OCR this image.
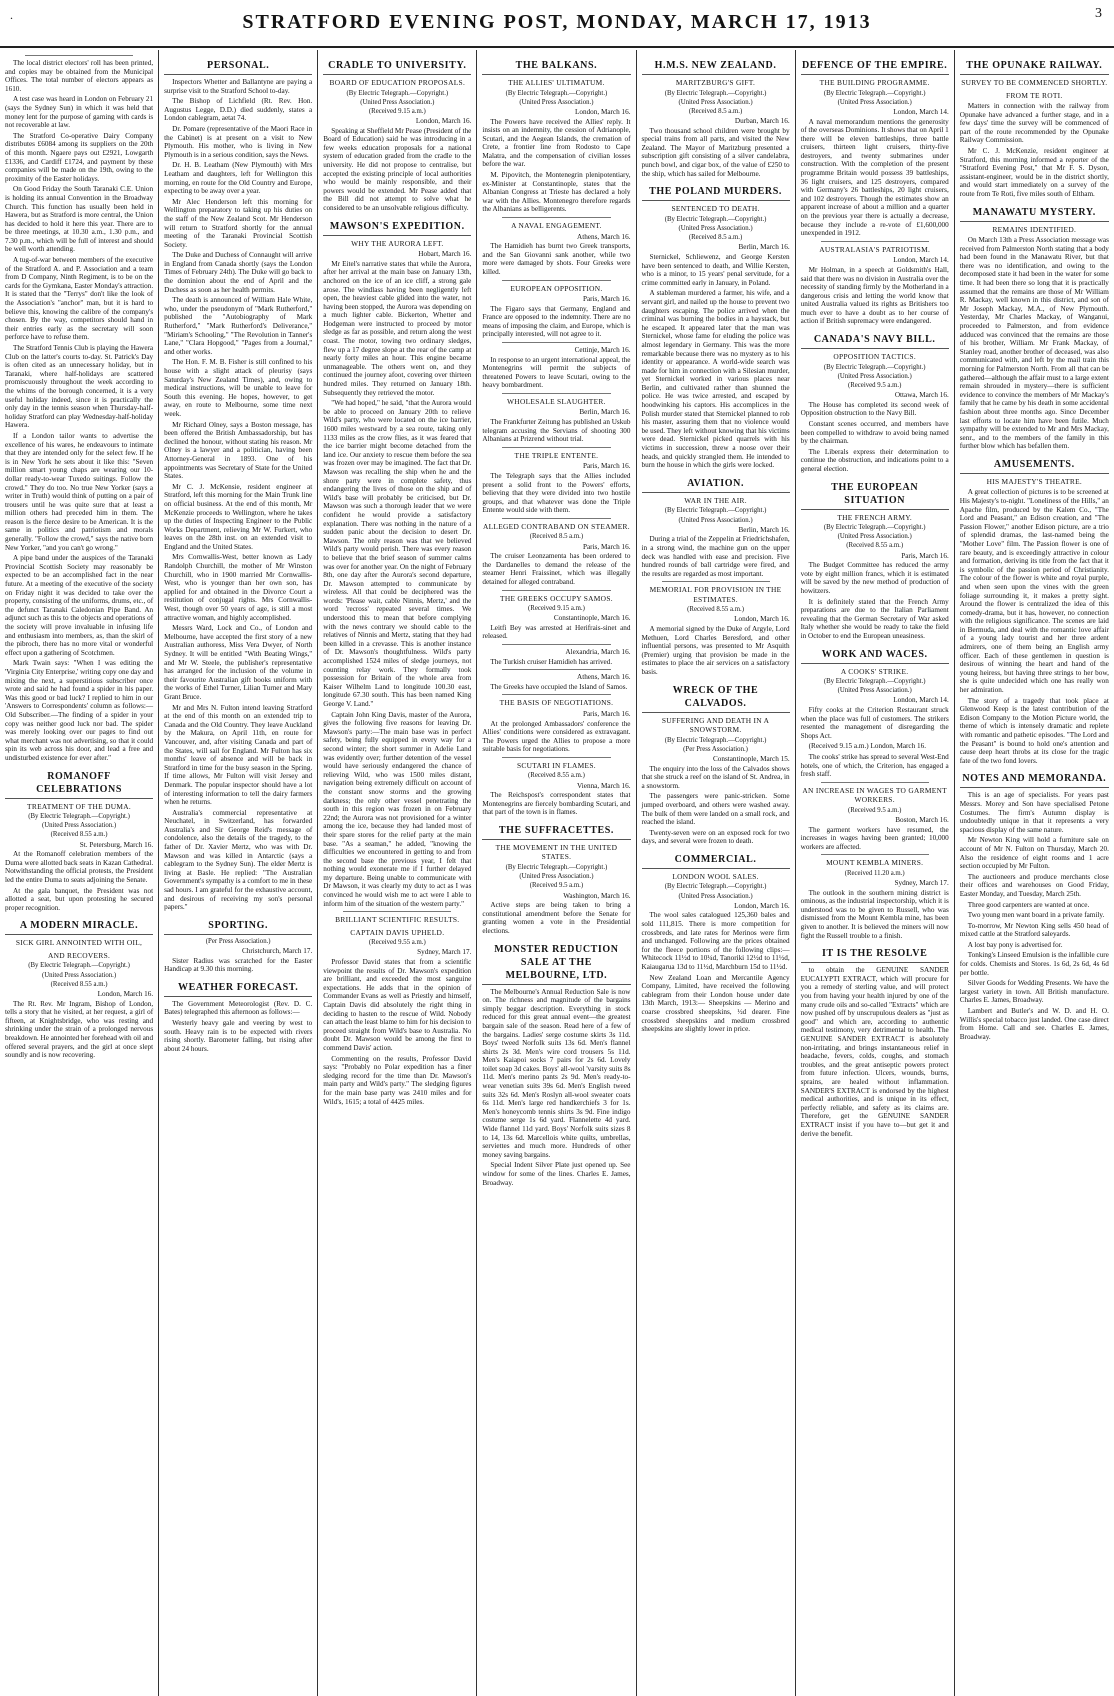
.	STRATFORD EVENING POST, MONDAY, MARCH 17, 1913	3

The local district electors' roll has been printed, and copies may be obtained from the Municipal Offices. The total number of electors appears as 1610.

A test case was heard in London on February 21 (says the Sydney Sun) in which it was held that money lent for the purpose of gaming with cards is not recoverable at law.

The Stratford Co-operative Dairy Company distributes £6084 among its suppliers on the 20th of this month. Ngaere pays out £2921, Lowgarth £1336, and Cardiff £1724, and payment by these companies will be made on the 19th, owing to the proximity of the Easter holidays.

On Good Friday the South Taranaki C.E. Union is holding its annual Convention in the Broadway Church. This function has usually been held in Hawera, but as Stratford is more central, the Union has decided to hold it here this year. There are to be three meetings, at 10.30 a.m., 1.30 p.m., and 7.30 p.m., which will be full of interest and should be well worth attending.

A tug-of-war between members of the executive of the Stratford A. and P. Association and a team from D Company, Ninth Regiment, is to be on the cards for the Gymkana, Easter Monday's attraction. It is stated that the "Terrys" don't like the look of the Association's "anchor" man, but it is hard to believe this, knowing the calibre of the company's chosen. By the way, competitors should hand in their entries early as the secretary will soon perforce have to refuse them.

The Stratford Tennis Club is playing the Hawera Club on the latter's courts to-day. St. Patrick's Day is often cited as an unnecessary holiday, but in Taranaki, where half-holidays are scattered promiscuously throughout the week according to the whims of the borough concerned, it is a very useful holiday indeed, since it is practically the only day in the tennis season when Thursday-half-holiday Stratford can play Wednesday-half-holiday Hawera.

If a London tailor wants to advertise the excellence of his wares, he endeavours to intimate that they are intended only for the select few. If he is in New York he sets about it like this: "Seven million smart young chaps are wearing our 10-dollar ready-to-wear Tuxedo suitings. Follow the crowd." They do too. No true New Yorker (says a writer in Truth) would think of putting on a pair of trousers until he was quite sure that at least a million others had preceded him in them. The reason is the fierce desire to be American. It is the same in politics and patriotism and morals generally. "Follow the crowd," says the native born New Yorker, "and you can't go wrong."

A pipe band under the auspices of the Taranaki Provincial Scottish Society may reasonably be expected to be an accomplished fact in the near future. At a meeting of the executive of the society on Friday night it was decided to take over the property, consisting of the uniforms, drums, etc., of the defunct Taranaki Caledonian Pipe Band. An adjunct such as this to the objects and operations of the society will prove invaluable in infusing life and enthusiasm into members, as, than the skirl of the pibroch, there has no more vital or wonderful effect upon a gathering of Scotchmen.

Mark Twain says: "When I was editing the 'Virginia City Enterprise,' writing copy one day and mixing the next, a superstitious subscriber once wrote and said he had found a spider in his paper. Was this good or bad luck? I replied to him in our 'Answers to Correspondents' column as follows:—Old Subscriber.—The finding of a spider in your copy was neither good luck nor bad. The spider was merely looking over our pages to find out what merchant was not advertising, so that it could spin its web across his door, and lead a free and undisturbed existence for ever after."

ROMANOFF CELEBRATIONS
TREATMENT OF THE DUMA.
(By Electric Telegraph.—Copyright.)
(United Press Association.)
(Received 8.55 a.m.)
St. Petersburg, March 16.

At the Romanoff celebration members of the Duma were allotted back seats in Kazan Cathedral. Notwithstanding the official protests, the President led the entire Duma to seats adjoining the Senate.

At the gala banquet, the President was not allotted a seat, but upon protesting he secured proper recognition.

A MODERN MIRACLE.
SICK GIRL ANNOINTED WITH OIL,
AND RECOVERS.
(By Electric Telegraph.—Copyright.)
(United Press Association.)
(Received 8.55 a.m.)
London, March 16.

The Rt. Rev. Mr Ingram, Bishop of London, tells a story that he visited, at her request, a girl of fifteen, at Knightsbridge, who was resting and shrinking under the strain of a prolonged nervous breakdown. He annointed her forehead with oil and offered several prayers, and the girl at once slept soundly and is now recovering.

PERSONAL.

Inspectors Whetter and Ballantyne are paying a surprise visit to the Stratford School to-day.

The Bishop of Lichfield (Rt. Rev. Hon. Augustus Legge, D.D.) died suddenly, states a London cablegram, aetat 74.

Dr. Pomare (representative of the Maori Race in the Cabinet) is at present on a visit to New Plymouth. His mother, who is living in New Plymouth is in a serious condition, says the News.

Dr. H. B. Leatham (New Plymouth) with Mrs Leatham and daughters, left for Wellington this morning, en route for the Old Country and Europe, expecting to be away over a year.

Mr Alec Henderson left this morning for Wellington preparatory to taking up his duties on the staff of the New Zealand Scot. Mr Henderson will return to Stratford shortly for the annual meeting of the Taranaki Provincial Scottish Society.

The Duke and Duchess of Connaught will arrive in England from Canada shortly (says the London Times of February 24th). The Duke will go back to the dominion about the end of April and the Duchess as soon as her health permits.

The death is announced of William Hale White, who, under the pseudonym of "Mark Rutherford," published the "Autobiography of Mark Rutherford," "Mark Rutherford's Deliverance," "Miriam's Schooling," "The Revolution in Tanner's Lane," "Clara Hopgood," "Pages from a Journal," and other works.

The Hon. F. M. B. Fisher is still confined to his house with a slight attack of pleurisy (says Saturday's New Zealand Times), and, owing to medical instructions, will be unable to leave for South this evening. He hopes, however, to get away, en route to Melbourne, some time next week.

Mr Richard Olney, says a Boston message, has been offered the British Ambassadorship, but has declined the honour, without stating his reason. Mr Olney is a lawyer and a politician, having been Attorney-General in 1893. One of his appointments was Secretary of State for the United States.

Mr C. J. McKensie, resident engineer at Stratford, left this morning for the Main Trunk line on official business. At the end of this month, Mr McKenzie proceeds to Wellington, where he takes up the duties of Inspecting Engineer to the Public Works Department, relieving Mr W. Furkert, who leaves on the 28th inst. on an extended visit to England and the United States.

Mrs Cornwallis-West, better known as Lady Randolph Churchill, the mother of Mr Winston Churchill, who in 1900 married Mr Cornwallis-West, who is younger than her own son, has applied for and obtained in the Divorce Court a restitution of conjugal rights. Mrs Cornwallis-West, though over 50 years of age, is still a most attractive woman, and highly accomplished.

Messrs Ward, Lock and Co., of London and Melbourne, have accepted the first story of a new Australian authoress, Miss Vera Dwyer, of North Sydney. It will be entitled "With Beating Wings," and Mr W. Steele, the publisher's representative has arranged for the inclusion of the volume in their favourite Australian gift books uniform with the works of Ethel Turner, Lilian Turner and Mary Grant Bruce.

Mr and Mrs N. Fulton intend leaving Stratford at the end of this month on an extended trip to Canada and the Old Country. They leave Auckland by the Makura, on April 11th, en route for Vancouver, and, after visiting Canada and part of the States, will sail for England. Mr Fulton has six months' leave of absence and will be back in Stratford in time for the busy season in the Spring. If time allows, Mr Fulton will visit Jersey and Denmark. The popular inspector should have a lot of interesting information to tell the dairy farmers when he returns.

Australia's commercial representative at Neuchatel, in Switzerland, has forwarded Australia's and Sir George Reid's message of condolence, also the details of the tragedy, to the father of Dr. Xavier Mertz, who was with Dr. Mawson and was killed in Antarctic (says a cablegram to the Sydney Sun). The elder Mertz is living at Basle. He replied: "The Australian Government's sympathy is a comfort to me in these sad hours. I am grateful for the exhaustive account, and desirous of receiving my son's personal papers."

SPORTING.
(Per Press Association.)
Christchurch, March 17.

Sister Radius was scratched for the Easter Handicap at 9.30 this morning.

WEATHER FORECAST.

The Government Meteorologist (Rev. D. C. Bates) telegraphed this afternoon as follows:—

Westerly heavy gale and veering by west to south. Heavy rain is to be expected with rivers rising shortly. Barometer falling, but rising after about 24 hours.

CRADLE TO UNIVERSITY.
BOARD OF EDUCATION PROPOSALS.
(By Electric Telegraph.—Copyright.)
(United Press Association.)
(Received 9.15 a.m.)
London, March 16.

Speaking at Sheffield Mr Pease (President of the Board of Education) said he was introducing in a few weeks education proposals for a national system of education graded from the cradle to the university. He did not propose to centralise, but accepted the existing principle of local authorities who would be mainly responsible, and their powers would be extended. Mr Pease added that the Bill did not attempt to solve what he considered to be an unsolvable religious difficulty.

MAWSON'S EXPEDITION.
WHY THE AURORA LEFT.
Hobart, March 16.

Mr Eitel's narrative states that while the Aurora, after her arrival at the main base on January 13th, anchored on the ice of an ice cliff, a strong gale arose. The windlass having been negligently left open, the heaviest cable glided into the water, not having been stopped, the Aurora was depending on a much lighter cable. Bickerton, Whetter and Hodgeman were instructed to proceed by motor sledge as far as possible, and return along the west coast. The motor, towing two ordinary sledges, flew up a 17 degree slope at the rear of the camp at nearly forty miles an hour. This engine became unmanageable. The others went on, and they continued the journey afoot, covering over thirteen hundred miles. They returned on January 18th. Subsequently they retrieved the motor.

"We had hoped," he said, "that the Aurora would be able to proceed on January 20th to relieve Wild's party, who were located on the ice barrier, 1600 miles westward by a sea route, taking only 1133 miles as the crow flies, as it was feared that the ice barrier might become detached from the land ice. Our anxiety to rescue them before the sea was frozen over may be imagined. The fact that Dr. Mawson was recalling the ship when he and the shore party were in complete safety, thus endangering the lives of those on the ship and of Wild's base will probably be criticised, but Dr. Mawson was such a thorough leader that we were confident he would provide a satisfactory explanation. There was nothing in the nature of a sudden panic about the decision to desert Dr. Mawson. The only reason was that we believed Wild's party would perish. There was every reason to believe that the brief season of summer calms was over for another year. On the night of February 8th, one day after the Aurora's second departure, Dr. Mawson attempted to communicate by wireless. All that could be deciphered was the words: 'Please wait, cable Ninnis, Mertz,' and the word 'recross' repeated several times. We understood this to mean that before complying with the news contrary we should cable to the relatives of Ninnis and Mertz, stating that they had been killed in a crevasse. This is another instance of Dr. Mawson's thoughtfulness. Wild's party accomplished 1524 miles of sledge journeys, not counting relay work. They formally took possession for Britain of the whole area from Kaiser Wilhelm Land to longitude 100.30 east, longitude 67.30 south. This has been named King George V. Land."

Captain John King Davis, master of the Aurora, gives the following five reasons for leaving Dr. Mawson's party:—The main base was in perfect safety, being fully equipped in every way for a second winter; the short summer in Adelie Land was evidently over; further detention of the vessel would have seriously endangered the chance of relieving Wild, who was 1500 miles distant, navigation being extremely difficult on account of the constant snow storms and the growing darkness; the only other vessel penetrating the south in this region was frozen in on February 22nd; the Aurora was not provisioned for a winter among the ice, because they had landed most of their spare stores for the relief party at the main base. "As a seaman," he added, "knowing the difficulties we encountered in getting to and from the second base the previous year, I felt that nothing would exonerate me if I further delayed my departure. Being unable to communicate with Dr Mawson, it was clearly my duty to act as I was convinced he would wish me to act were I able to inform him of the situation of the western party."

BRILLIANT SCIENTIFIC RESULTS.
CAPTAIN DAVIS UPHELD.
(Received 9.55 a.m.)
Sydney, March 17.

Professor David states that from a scientific viewpoint the results of Dr. Mawson's expedition are brilliant, and exceeded the most sanguine expectations. He adds that in the opinion of Commander Evans as well as Priestly and himself, Captain Davis did absolutely the right thing in deciding to hasten to the rescue of Wild. Nobody can attach the least blame to him for his decision to proceed straight from Wild's base to Australia. No doubt Dr. Mawson would be among the first to commend Davis' action.

Commenting on the results, Professor David says: "Probably no Polar expedition has a finer sledging record for the time than Dr. Mawson's main party and Wild's party." The sledging figures for the main base party was 2410 miles and for Wild's, 1615; a total of 4425 miles.

THE BALKANS.
THE ALLIES' ULTIMATUM.
(By Electric Telegraph.—Copyright.)
(United Press Association.)
London, March 16.

The Powers have received the Allies' reply. It insists on an indemnity, the cession of Adrianople, Scutari, and the Aegean Islands, the cremation of Crete, a frontier line from Rodosto to Cape Malatra, and the compensation of civilian losses before the war.

M. Pipovitch, the Montenegrin plenipotentiary, ex-Minister at Constantinople, states that the Albanian Congress at Trieste has declared a holy war with the Allies. Montenegro therefore regards the Albanians as belligerents.

A NAVAL ENGAGEMENT.
Athens, March 16.

The Hamidieh has burnt two Greek transports, and the San Giovanni sank another, while two more were damaged by shots. Four Greeks were killed.

EUROPEAN OPPOSITION.
Paris, March 16.

The Figaro says that Germany, England and France are opposed to the indemnity. There are no means of imposing the claim, and Europe, which is principally interested, will not agree to it.

Cettinje, March 16.

In response to an urgent international appeal, the Montenegrins will permit the subjects of threatened Powers to leave Scutari, owing to the heavy bombardment.

WHOLESALE SLAUGHTER.
Berlin, March 16.

The Frankfurter Zeitung has published an Uskub telegram accusing the Servians of shooting 300 Albanians at Prizrend without trial.

THE TRIPLE ENTENTE.
Paris, March 16.

The Telegraph says that the Allies included present a solid front to the Powers' efforts, believing that they were divided into two hostile groups, and that whatever was done the Triple Entente would side with them.

ALLEGED CONTRABAND ON STEAMER.
(Received 8.5 a.m.)
Paris, March 16.

The cruiser Leonzamenta has been ordered to the Dardanelles to demand the release of the steamer Henri Fraissinet, which was illegally detained for alleged contraband.

THE GREEKS OCCUPY SAMOS.
(Received 9.15 a.m.)
Constantinople, March 16.

Leitfi Bey was arrested at Herifrais-sinet and released.

Alexandria, March 16.

The Turkish cruiser Hamidieh has arrived.

Athens, March 16.

The Greeks have occupied the Island of Samos.

THE BASIS OF NEGOTIATIONS.
Paris, March 16.

At the prolonged Ambassadors' conference the Allies' conditions were considered as extravagant. The Powers urged the Allies to propose a more suitable basis for negotiations.

SCUTARI IN FLAMES.
(Received 8.55 a.m.)
Vienna, March 16.

The Reichspost's correspondent states that Montenegrins are fiercely bombarding Scutari, and that part of the town is in flames.

THE SUFFRACETTES.
THE MOVEMENT IN THE UNITED STATES.
(By Electric Telegraph.—Copyright.)
(United Press Association.)
(Received 9.5 a.m.)
Washington, March 16.

Active steps are being taken to bring a constitutional amendment before the Senate for granting women a vote in the Presidential elections.

MONSTER REDUCTION SALE AT THE MELBOURNE, LTD.

The Melbourne's Annual Reduction Sale is now on. The richness and magnitude of the bargains simply beggar description. Everything in stock reduced for this great annual event—the greatest bargain sale of the season. Read here of a few of the bargains. Ladies' serge costume skirts 3s 11d. Boys' tweed Norfolk suits 13s 6d. Men's flannel shirts 2s 3d. Men's wire cord trousers 5s 11d. Men's Kaiapoi socks 7 pairs for 2s 6d. Lovely toilet soap 3d cakes. Boys' all-wool 'varsity suits 8s 11d. Men's merino pants 2s 9d. Men's ready-to-wear venetian suits 39s 6d. Men's English tweed suits 32s 6d. Men's Roslyn all-wool sweater coats 6s 11d. Men's large red handkerchiefs 3 for 1s. Men's honeycomb tennis shirts 3s 9d. Fine indigo costume serge 1s 6d yard. Flannelette 4d yard. Wide flannel 11d yard. Boys' Norfolk suits sizes 8 to 14, 13s 6d. Marcellois white quilts, umbrellas, serviettes and much more. Hundreds of other money saving bargains.

Special Indent Silver Plate just opened up. See window for some of the lines. Charles E. James, Broadway.

H.M.S. NEW ZEALAND.
MARITZBURG'S GIFT.
(By Electric Telegraph.—Copyright.)
(United Press Association.)
(Received 8.5 a.m.)
Durban, March 16.

Two thousand school children were brought by special trains from all parts, and visited the New Zealand. The Mayor of Maritzburg presented a subscription gift consisting of a silver candelabra, punch bowl, and cigar box, of the value of £250 to the ship, which has sailed for Melbourne.

THE POLAND MURDERS.
SENTENCED TO DEATH.
(By Electric Telegraph.—Copyright.)
(United Press Association.)
(Received 8.5 a.m.)
Berlin, March 16.

Sternickel, Schliewenz, and George Kersten have been sentenced to death, and Willie Kersten, who is a minor, to 15 years' penal servitude, for a crime committed early in January, in Poland.

A stableman murdered a farmer, his wife, and a servant girl, and nailed up the house to prevent two daughters escaping. The police arrived when the criminal was burning the bodies in a haystack, but he escaped. It appeared later that the man was Sternickel, whose fame for eluding the police was almost legendary in Germany. This was the more remarkable because there was no mystery as to his identity or appearance. A world-wide search was made for him in connection with a Silesian murder, yet Sternickel worked in various places near Berlin, and cultivated rather than shunned the police. He was twice arrested, and escaped by hoodwinking his captors. His accomplices in the Polish murder stated that Sternickel planned to rob his master, assuring them that no violence would be used. They left without knowing that his victims were dead. Sternickel picked quarrels with his victims in succession, threw a noose over their heads, and quickly strangled them. He intended to burn the house in which the girls were locked.

AVIATION.
WAR IN THE AIR.
(By Electric Telegraph.—Copyright.)
(United Press Association.)
Berlin, March 16.

During a trial of the Zeppelin at Friedrichshafen, in a strong wind, the machine gun on the upper deck was handled with ease and precision. Five hundred rounds of ball cartridge were fired, and the results are regarded as most important.

MEMORIAL FOR PROVISION IN THE ESTIMATES.
(Received 8.55 a.m.)
London, March 16.

A memorial signed by the Duke of Argyle, Lord Methuen, Lord Charles Beresford, and other influential persons, was presented to Mr Asquith (Premier) urging that provision be made in the estimates to place the air services on a satisfactory basis.

WRECK OF THE CALVADOS.
SUFFERING AND DEATH IN A SNOWSTORM.
(By Electric Telegraph.—Copyright.)
(Per Press Association.)
Constantinople, March 15.

The enquiry into the loss of the Calvados shows that she struck a reef on the island of St. Andrea, in a snowstorm.

The passengers were panic-stricken. Some jumped overboard, and others were washed away. The bulk of them were landed on a small rock, and reached the island.

Twenty-seven were on an exposed rock for two days, and several were frozen to death.

COMMERCIAL.
LONDON WOOL SALES.
(By Electric Telegraph.—Copyright.)
(United Press Association.)
London, March 16.

The wool sales catalogued 125,360 bales and sold 111,815. There is more competition for crossbreds, and late rates for Merinos were firm and unchanged. Following are the prices obtained for the fleece portions of the following clips:—Whitecock 11½d to 10¼d, Tanoriki 12½d to 11½d, Kaiaugarua 13d to 11½d, Marchburn 15d to 11½d.

New Zealand Loan and Mercantile Agency Company, Limited, have received the following cablegram from their London house under date 13th March, 1913:— Sheepskins — Merino and coarse crossbred sheepskins, ½d dearer. Fine crossbred sheepskins and medium crossbred sheepskins are slightly lower in price.

DEFENCE OF THE EMPIRE.
THE BUILDING PROGRAMME.
(By Electric Telegraph.—Copyright.)
(United Press Association.)
London, March 14.

A naval memorandum mentions the generosity of the overseas Dominions. It shows that on April 1 there will be eleven battleships, three battle cruisers, thirteen light cruisers, thirty-five destroyers, and twenty submarines under construction. With the completion of the present programme Britain would possess 39 battleships, 36 light cruisers, and 125 destroyers, compared with Germany's 26 battleships, 20 light cruisers, and 102 destroyers. Though the estimates show an apparent increase of about a million and a quarter on the previous year there is actually a decrease, because they include a re-vote of £1,600,000 unexpended in 1912.

AUSTRALASIA'S PATRIOTISM.
London, March 14.

Mr Holman, in a speech at Goldsmith's Hall, said that there was no division in Australia over the necessity of standing firmly by the Motherland in a dangerous crisis and letting the world know that united Australia valued its rights as Britishers too much ever to have a doubt as to her course of action if British supremacy were endangered.

CANADA'S NAVY BILL.
OPPOSITION TACTICS.
(By Electric Telegraph.—Copyright.)
(United Press Association.)
(Received 9.5 a.m.)
Ottawa, March 16.

The House has completed its second week of Opposition obstruction to the Navy Bill.

Constant scenes occurred, and members have been compelled to withdraw to avoid being named by the chairman.

The Liberals express their determination to continue the obstruction, and indications point to a general election.

THE EUROPEAN SITUATION
THE FRENCH ARMY.
(By Electric Telegraph.—Copyright.)
(United Press Association.)
(Received 8.55 a.m.)
Paris, March 16.

The Budget Committee has reduced the army vote by eight million francs, which it is estimated will be saved by the new method of production of howitzers.

It is definitely stated that the French Army preparations are due to the Italian Parliament revealing that the German Secretary of War asked Italy whether she would be ready to take the field in October to end the European uneasiness.

WORK AND WACES.
A COOKS' STRIKE.
(By Electric Telegraph.—Copyright.)
(United Press Association.)
London, March 14.

Fifty cooks at the Criterion Restaurant struck when the place was full of customers. The strikers resented the management of disregarding the Shops Act.

(Received 9.15 a.m.) London, March 16.

The cooks' strike has spread to several West-End hotels, one of which, the Criterion, has engaged a fresh staff.

AN INCREASE IN WAGES TO GARMENT WORKERS.
(Received 9.5 a.m.)
Boston, March 16.

The garment workers have resumed, the increases in wages having been granted; 10,000 workers are affected.

MOUNT KEMBLA MINERS.
(Received 11.20 a.m.)
Sydney, March 17.

The outlook in the southern mining district is ominous, as the industrial inspectorship, which it is understood was to be given to Russell, who was dismissed from the Mount Kembla mine, has been given to another. It is believed the miners will now fight the Russell trouble to a finish.

IT IS THE RESOLVE

to obtain the GENUINE SANDER EUCALYPTI EXTRACT, which will procure for you a remedy of sterling value, and will protect you from having your health injured by one of the many crude oils and so-called "Extracts" which are now pushed off by unscrupulous dealers as "just as good" and which are, according to authentic medical testimony, very detrimental to health. The GENUINE SANDER EXTRACT is absolutely non-irritating, and brings instantaneous relief in headache, fevers, colds, coughs, and stomach troubles, and the great antiseptic powers protect from future infection. Ulcers, wounds, burns, sprains, are healed without inflammation. SANDER'S EXTRACT is endorsed by the highest medical authorities, and is unique in its effect, perfectly reliable, and safety as its claims are. Therefore, get the GENUINE SANDER EXTRACT insist if you have to—but get it and derive the benefit.

THE OPUNAKE RAILWAY.
SURVEY TO BE COMMENCED SHORTLY.
FROM TE ROTI.

Matters in connection with the railway from Opunake have advanced a further stage, and in a few days' time the survey will be commenced of part of the route recommended by the Opunake Railway Commission.

Mr C. J. McKenzie, resident engineer at Stratford, this morning informed a reporter of the "Stratford Evening Post," that Mr F. S. Dyson, assistant-engineer, would be in the district shortly, and would start immediately on a survey of the route from Te Roti, five miles south of Eltham.

MANAWATU MYSTERY.
REMAINS IDENTIFIED.

On March 13th a Press Association message was received from Palmerston North stating that a body had been found in the Manawatu River, but that there was no identification, and owing to the decomposed state it had been in the water for some time. It had been there so long that it is practically assumed that the remains are those of Mr William R. Mackay, well known in this district, and son of Mr Joseph Mackay, M.A., of New Plymouth. Yesterday, Mr Charles Mackay, of Wanganui, proceeded to Palmerston, and from evidence adduced was convinced that the remains are those of his brother, William. Mr Frank Mackay, of Stanley road, another brother of deceased, was also communicated with, and left by the mail train this morning for Palmerston North. From all that can be gathered—although the affair must to a large extent remain shrouded in mystery—there is sufficient evidence to convince the members of Mr Mackay's family that he came by his death in some accidental fashion about three months ago. Since December last efforts to locate him have been futile. Much sympathy will be extended to Mr and Mrs Mackay, senr., and to the members of the family in this further blow which has befallen them.

AMUSEMENTS.
HIS MAJESTY'S THEATRE.

A great collection of pictures is to be screened at His Majesty's to-night. "Loneliness of the Hills," an Apache film, produced by the Kalem Co., "The Lord and Peasant," an Edison creation, and "The Passion Flower," another Edison picture, are a trio of splendid dramas, the last-named being the "Mother Love" film. The Passion flower is one of rare beauty, and is exceedingly attractive in colour and formation, deriving its title from the fact that it is symbolic of the passion period of Christianity. The colour of the flower is white and royal purple, and when seen upon the vines with the green foliage surrounding it, it makes a pretty sight. Around the flower is centralized the idea of this comedy-drama, but it has, however, no connection with the religious significance. The scenes are laid in Bermuda, and deal with the romantic love affair of a young lady tourist and her three ardent admirers, one of them being an English army officer. Each of these gentlemen in question is desirous of winning the heart and hand of the young heiress, but having three strings to her bow, she is quite undecided which one has really won her admiration.

The story of a tragedy that took place at Glenwood Keep is the latest contribution of the Edison Company to the Motion Picture world, the theme of which is intensely dramatic and replete with romantic and pathetic episodes. "The Lord and the Peasant" is bound to hold one's attention and cause deep heart throbs at its close for the tragic fate of the two fond lovers.

NOTES AND MEMORANDA.

This is an age of specialists. For years past Messrs. Morey and Son have specialised Petone Costumes. The firm's Autumn display is undoubtedly unique in that it represents a very spacious display of the same nature.

Mr Newton King will hold a furniture sale on account of Mr N. Fulton on Thursday, March 20. Also the residence of eight rooms and 1 acre section occupied by Mr Fulton.

The auctioneers and produce merchants close their offices and warehouses on Good Friday, Easter Monday, and Tuesday, March 25th.

Three good carpenters are wanted at once.

Two young men want board in a private family.

To-morrow, Mr Newton King sells 450 head of mixed cattle at the Stratford saleyards.

A lost bay pony is advertised for.

Tonking's Linseed Emulsion is the infallible cure for colds. Chemists and Stores. 1s 6d, 2s 6d, 4s 6d per bottle.

Silver Goods for Wedding Presents. We have the largest variety in town. All British manufacture. Charles E. James, Broadway.

Lambert and Butler's and W. D. and H. O. Willis's special tobacco just landed. One case direct from Home. Call and see. Charles E. James, Broadway.
